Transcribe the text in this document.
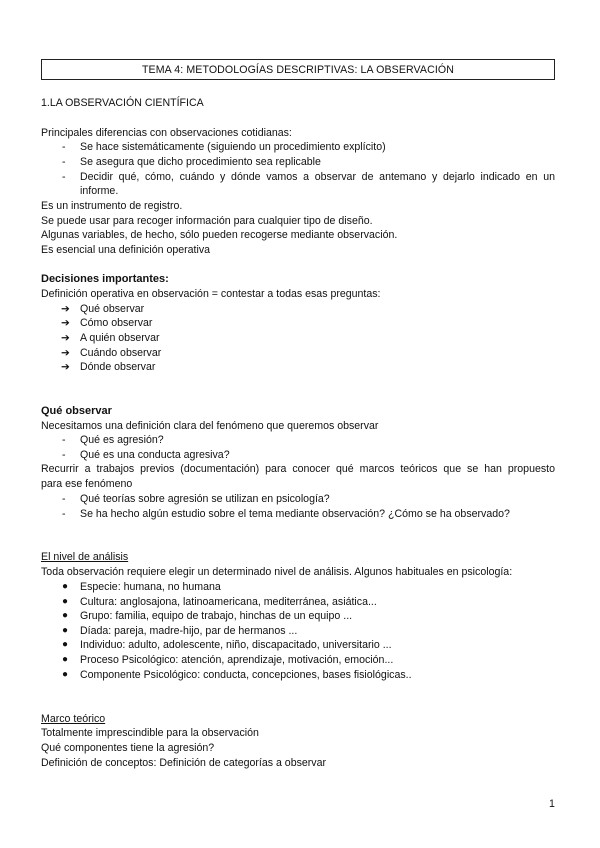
TEMA 4: METODOLOGÍAS DESCRIPTIVAS: LA OBSERVACIÓN
1.LA OBSERVACIÓN CIENTÍFICA
Principales diferencias con observaciones cotidianas:
- Se hace sistemáticamente (siguiendo un procedimiento explícito)
- Se asegura que dicho procedimiento sea replicable
- Decidir qué, cómo, cuándo y dónde vamos a observar de antemano y dejarlo indicado en un
informe.
Es un instrumento de registro.
Se puede usar para recoger información para cualquier tipo de diseño.
Algunas variables, de hecho, sólo pueden recogerse mediante observación.
Es esencial una definición operativa
Decisiones importantes:
Definición operativa en observación = contestar a todas esas preguntas:
➔ Qué observar
➔ Cómo observar
➔ A quién observar
➔ Cuándo observar
➔ Dónde observar
Qué observar
Necesitamos una definición clara del fenómeno que queremos observar
- Qué es agresión?
- Qué es una conducta agresiva?
Recurrir a trabajos previos (documentación) para conocer qué marcos teóricos que se han propuesto
para ese fenómeno
- Qué teorías sobre agresión se utilizan en psicología?
- Se ha hecho algún estudio sobre el tema mediante observación? ¿Cómo se ha observado?
El nivel de análisis
Toda observación requiere elegir un determinado nivel de análisis. Algunos habituales en psicología:
● Especie: humana, no humana
● Cultura: anglosajona, latinoamericana, mediterránea, asiática...
● Grupo: familia, equipo de trabajo, hinchas de un equipo ...
● Díada: pareja, madre-hijo, par de hermanos ...
● Individuo: adulto, adolescente, niño, discapacitado, universitario ...
● Proceso Psicológico: atención, aprendizaje, motivación, emoción...
● Componente Psicológico: conducta, concepciones, bases fisiológicas..
Marco teórico
Totalmente imprescindible para la observación
Qué componentes tiene la agresión?
Definición de conceptos: Definición de categorías a observar
1
